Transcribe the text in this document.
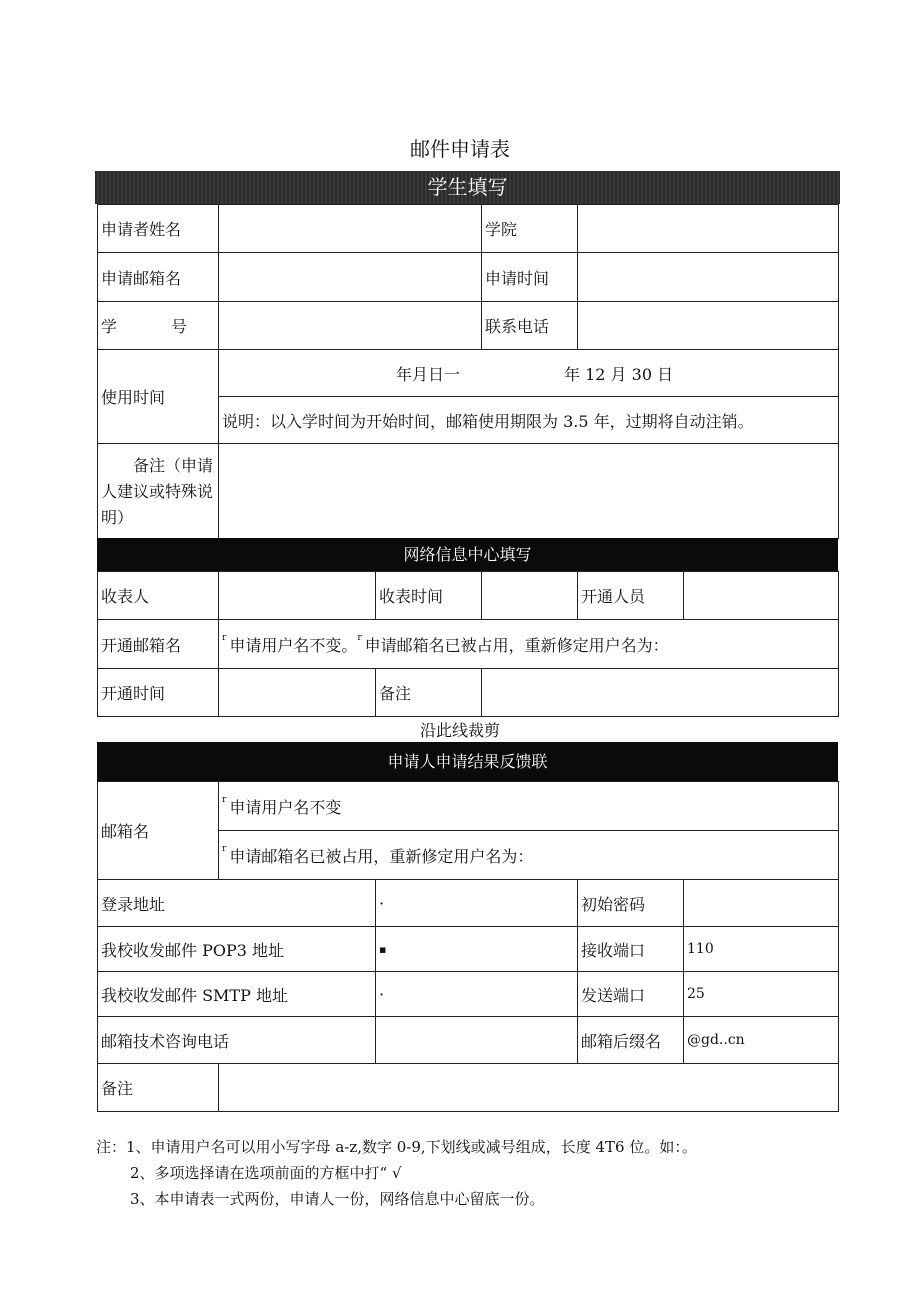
邮件申请表
学生填写
申请者姓名		学院	
申请邮箱名		申请时间	
学 号		联系电话	
使用时间	年月日一 年 12 月 30 日		
	说明：以入学时间为开始时间，邮箱使用期限为 3.5 年，过期将自动注销。		

备注（申请
人建议或特殊说
明）			

网络信息中心填写
收表人		收表时间		开通人员	
开通邮箱名	$^r$ 申请用户名不变。$^r$ 申请邮箱名已被占用，重新修定用户名为：				
开通时间		备注			
沿此线裁剪
申请人申请结果反馈联
邮箱名	$^r$ 申请用户名不变			
	$^r$ 申请邮箱名已被占用，重新修定用户名为：			
登录地址		·	初始密码	
我校收发邮件 POP3 地址		▪	接收端口	110
我校收发邮件 SMTP 地址		·	发送端口	25
邮箱技术咨询电话			邮箱后缀名	@gd..cn
备注				
注：1、申请用户名可以用小写字母 a-z,数字 0-9,下划线或减号组成，长度 4T6 位。如：。
2、多项选择请在选项前面的方框中打“ √
3、本申请表一式两份，申请人一份，网络信息中心留底一份。
